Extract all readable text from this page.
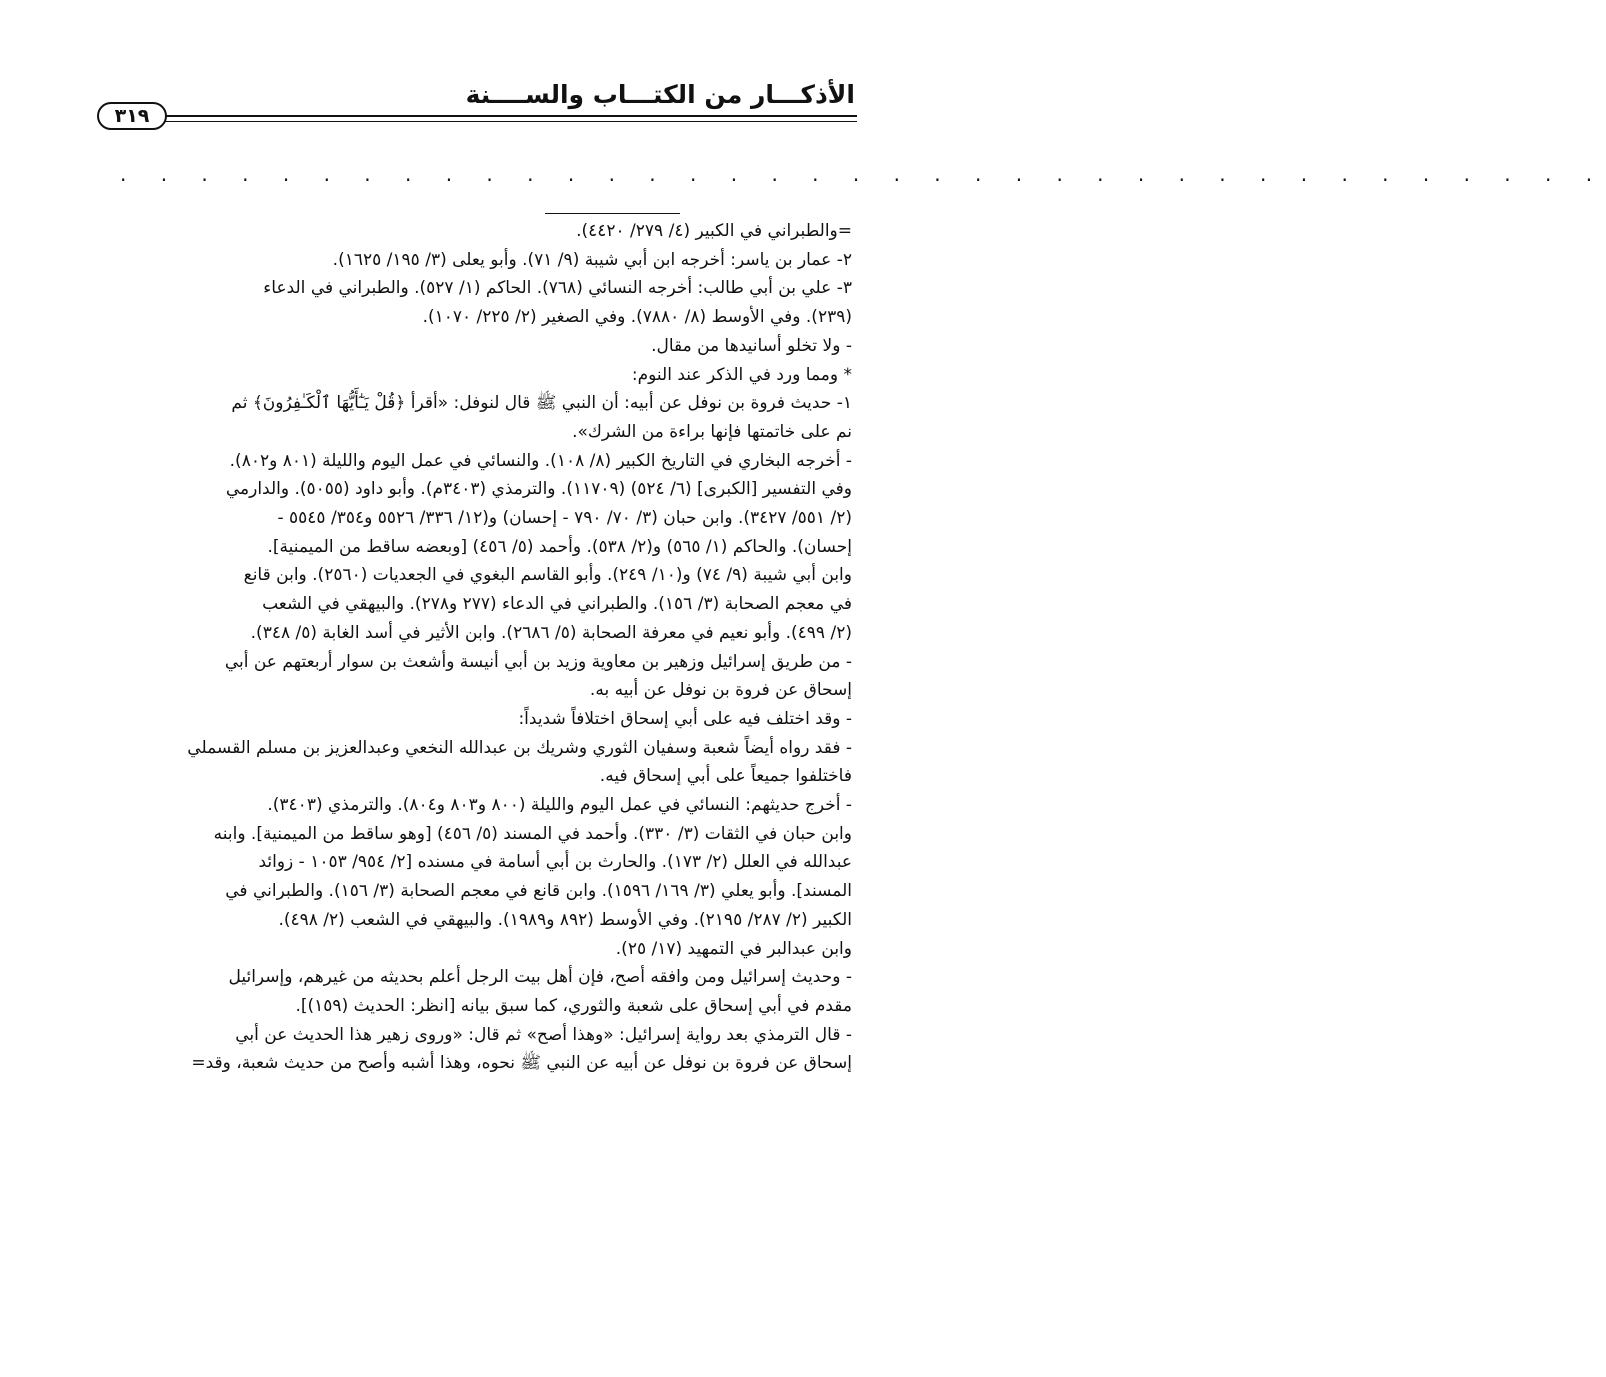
الأذكـــار من الكتـــاب والســــنة
٣١٩
. . . . . . . . . . . . . . . . . . . . . . . . . . . . . . . . . . . . .

=والطبراني في الكبير (٤/ ٢٧٩/ ٤٤٢٠).

٢- عمار بن ياسر: أخرجه ابن أبي شيبة (٩/ ٧١). وأبو يعلى (٣/ ١٩٥/ ١٦٢٥).

٣- علي بن أبي طالب: أخرجه النسائي (٧٦٨). الحاكم (١/ ٥٢٧). والطبراني في الدعاء

(٢٣٩). وفي الأوسط (٨/ ٧٨٨٠). وفي الصغير (٢/ ٢٢٥/ ١٠٧٠).

- ولا تخلو أسانيدها من مقال.

* ومما ورد في الذكر عند النوم:

١- حديث فروة بن نوفل عن أبيه: أن النبي ﷺ قال لنوفل: «أقرأ ﴿قُلْ يَـٰٓأَيُّهَا ٱلْكَـٰفِرُونَ﴾ ثم

نم على خاتمتها فإنها براءة من الشرك».

- أخرجه البخاري في التاريخ الكبير (٨/ ١٠٨). والنسائي في عمل اليوم والليلة (٨٠١ و٨٠٢).

وفي التفسير [الكبرى] (٦/ ٥٢٤) (١١٧٠٩). والترمذي (٣٤٠٣م). وأبو داود (٥٠٥٥). والدارمي

(٢/ ٥٥١/ ٣٤٢٧). وابن حبان (٣/ ٧٠/ ٧٩٠ - إحسان) و(١٢/ ٣٣٦/ ٥٥٢٦ و٣٥٤/ ٥٥٤٥ -

إحسان). والحاكم (١/ ٥٦٥) و(٢/ ٥٣٨). وأحمد (٥/ ٤٥٦) [وبعضه ساقط من الميمنية].

وابن أبي شيبة (٩/ ٧٤) و(١٠/ ٢٤٩). وأبو القاسم البغوي في الجعديات (٢٥٦٠). وابن قانع

في معجم الصحابة (٣/ ١٥٦). والطبراني في الدعاء (٢٧٧ و٢٧٨). والبيهقي في الشعب

(٢/ ٤٩٩). وأبو نعيم في معرفة الصحابة (٥/ ٢٦٨٦). وابن الأثير في أسد الغابة (٥/ ٣٤٨).

- من طريق إسرائيل وزهير بن معاوية وزيد بن أبي أنيسة وأشعث بن سوار أربعتهم عن أبي

إسحاق عن فروة بن نوفل عن أبيه به.

- وقد اختلف فيه على أبي إسحاق اختلافاً شديداً:

- فقد رواه أيضاً شعبة وسفيان الثوري وشريك بن عبدالله النخعي وعبدالعزيز بن مسلم القسملي

فاختلفوا جميعاً على أبي إسحاق فيه.

- أخرج حديثهم: النسائي في عمل اليوم والليلة (٨٠٠ و٨٠٣ و٨٠٤). والترمذي (٣٤٠٣).

وابن حبان في الثقات (٣/ ٣٣٠). وأحمد في المسند (٥/ ٤٥٦) [وهو ساقط من الميمنية]. وابنه

عبدالله في العلل (٢/ ١٧٣). والحارث بن أبي أسامة في مسنده [٢/ ٩٥٤/ ١٠٥٣ - زوائد

المسند]. وأبو يعلي (٣/ ١٦٩/ ١٥٩٦). وابن قانع في معجم الصحابة (٣/ ١٥٦). والطبراني في

الكبير (٢/ ٢٨٧/ ٢١٩٥). وفي الأوسط (٨٩٢ و١٩٨٩). والبيهقي في الشعب (٢/ ٤٩٨).

وابن عبدالبر في التمهيد (١٧/ ٢٥).

- وحديث إسرائيل ومن وافقه أصح، فإن أهل بيت الرجل أعلم بحديثه من غيرهم، وإسرائيل

مقدم في أبي إسحاق على شعبة والثوري، كما سبق بيانه [انظر: الحديث (١٥٩)].

- قال الترمذي بعد رواية إسرائيل: «وهذا أصح» ثم قال: «وروى زهير هذا الحديث عن أبي

إسحاق عن فروة بن نوفل عن أبيه عن النبي ﷺ نحوه، وهذا أشبه وأصح من حديث شعبة، وقد=
